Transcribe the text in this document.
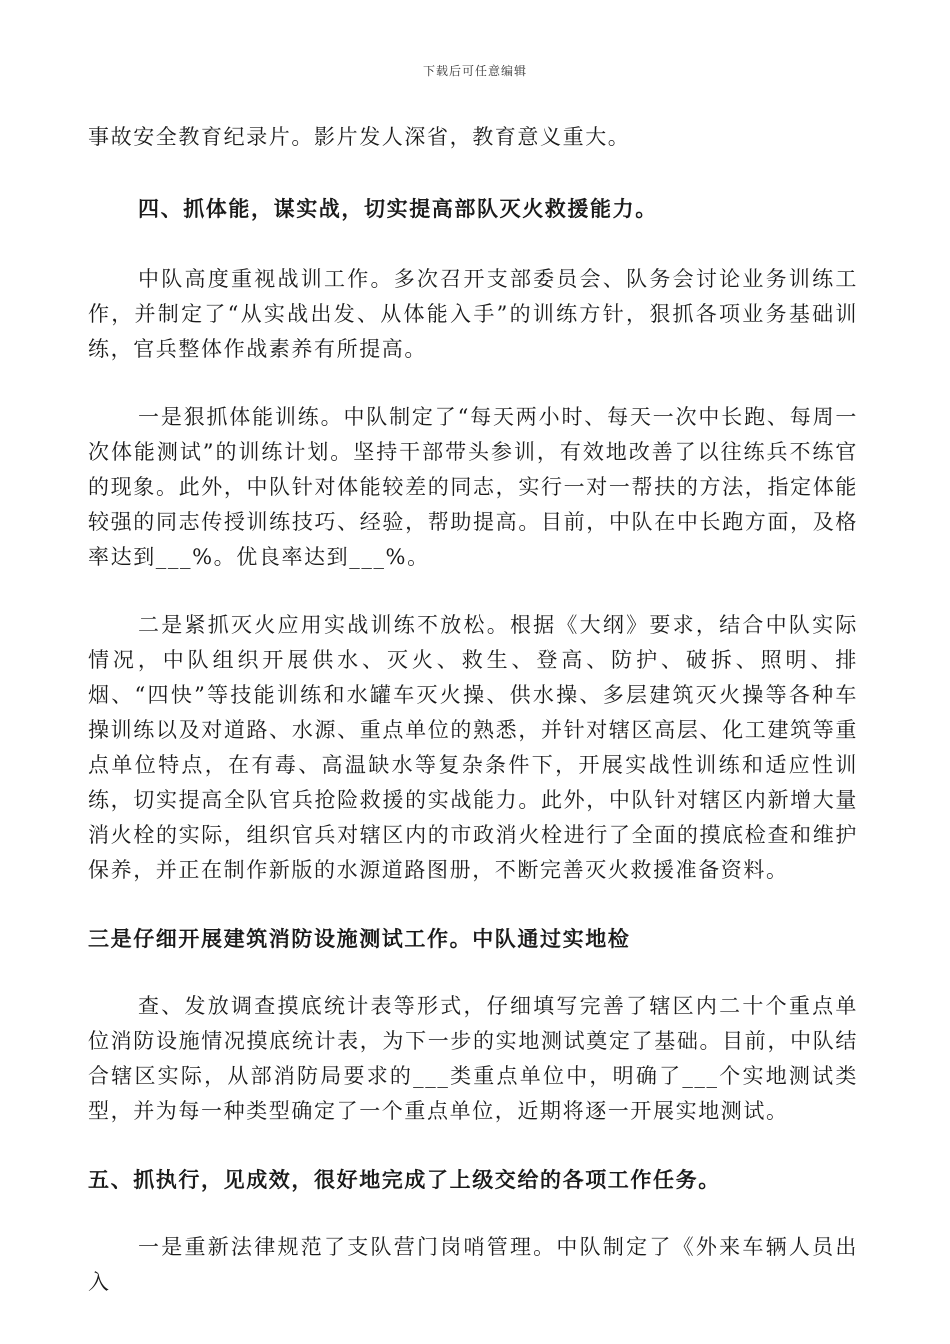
下载后可任意编辑

事故安全教育纪录片。影片发人深省，教育意义重大。

四、抓体能，谋实战，切实提高部队灭火救援能力。

中队高度重视战训工作。多次召开支部委员会、队务会讨论业务训练工作，并制定了“从实战出发、从体能入手”的训练方针，狠抓各项业务基础训练，官兵整体作战素养有所提高。

一是狠抓体能训练。中队制定了“每天两小时、每天一次中长跑、每周一次体能测试”的训练计划。坚持干部带头参训，有效地改善了以往练兵不练官的现象。此外，中队针对体能较差的同志，实行一对一帮扶的方法，指定体能较强的同志传授训练技巧、经验，帮助提高。目前，中队在中长跑方面，及格率达到___%。优良率达到___%。

二是紧抓灭火应用实战训练不放松。根据《大纲》要求，结合中队实际情况，中队组织开展供水、灭火、救生、登高、防护、破拆、照明、排烟、“四快”等技能训练和水罐车灭火操、供水操、多层建筑灭火操等各种车操训练以及对道路、水源、重点单位的熟悉，并针对辖区高层、化工建筑等重点单位特点，在有毒、高温缺水等复杂条件下，开展实战性训练和适应性训练，切实提高全队官兵抢险救援的实战能力。此外，中队针对辖区内新增大量消火栓的实际，组织官兵对辖区内的市政消火栓进行了全面的摸底检查和维护保养，并正在制作新版的水源道路图册，不断完善灭火救援准备资料。

三是仔细开展建筑消防设施测试工作。中队通过实地检

查、发放调查摸底统计表等形式，仔细填写完善了辖区内二十个重点单位消防设施情况摸底统计表，为下一步的实地测试奠定了基础。目前，中队结合辖区实际，从部消防局要求的___类重点单位中，明确了___个实地测试类型，并为每一种类型确定了一个重点单位，近期将逐一开展实地测试。

五、抓执行，见成效，很好地完成了上级交给的各项工作任务。

一是重新法律规范了支队营门岗哨管理。中队制定了《外来车辆人员出入
